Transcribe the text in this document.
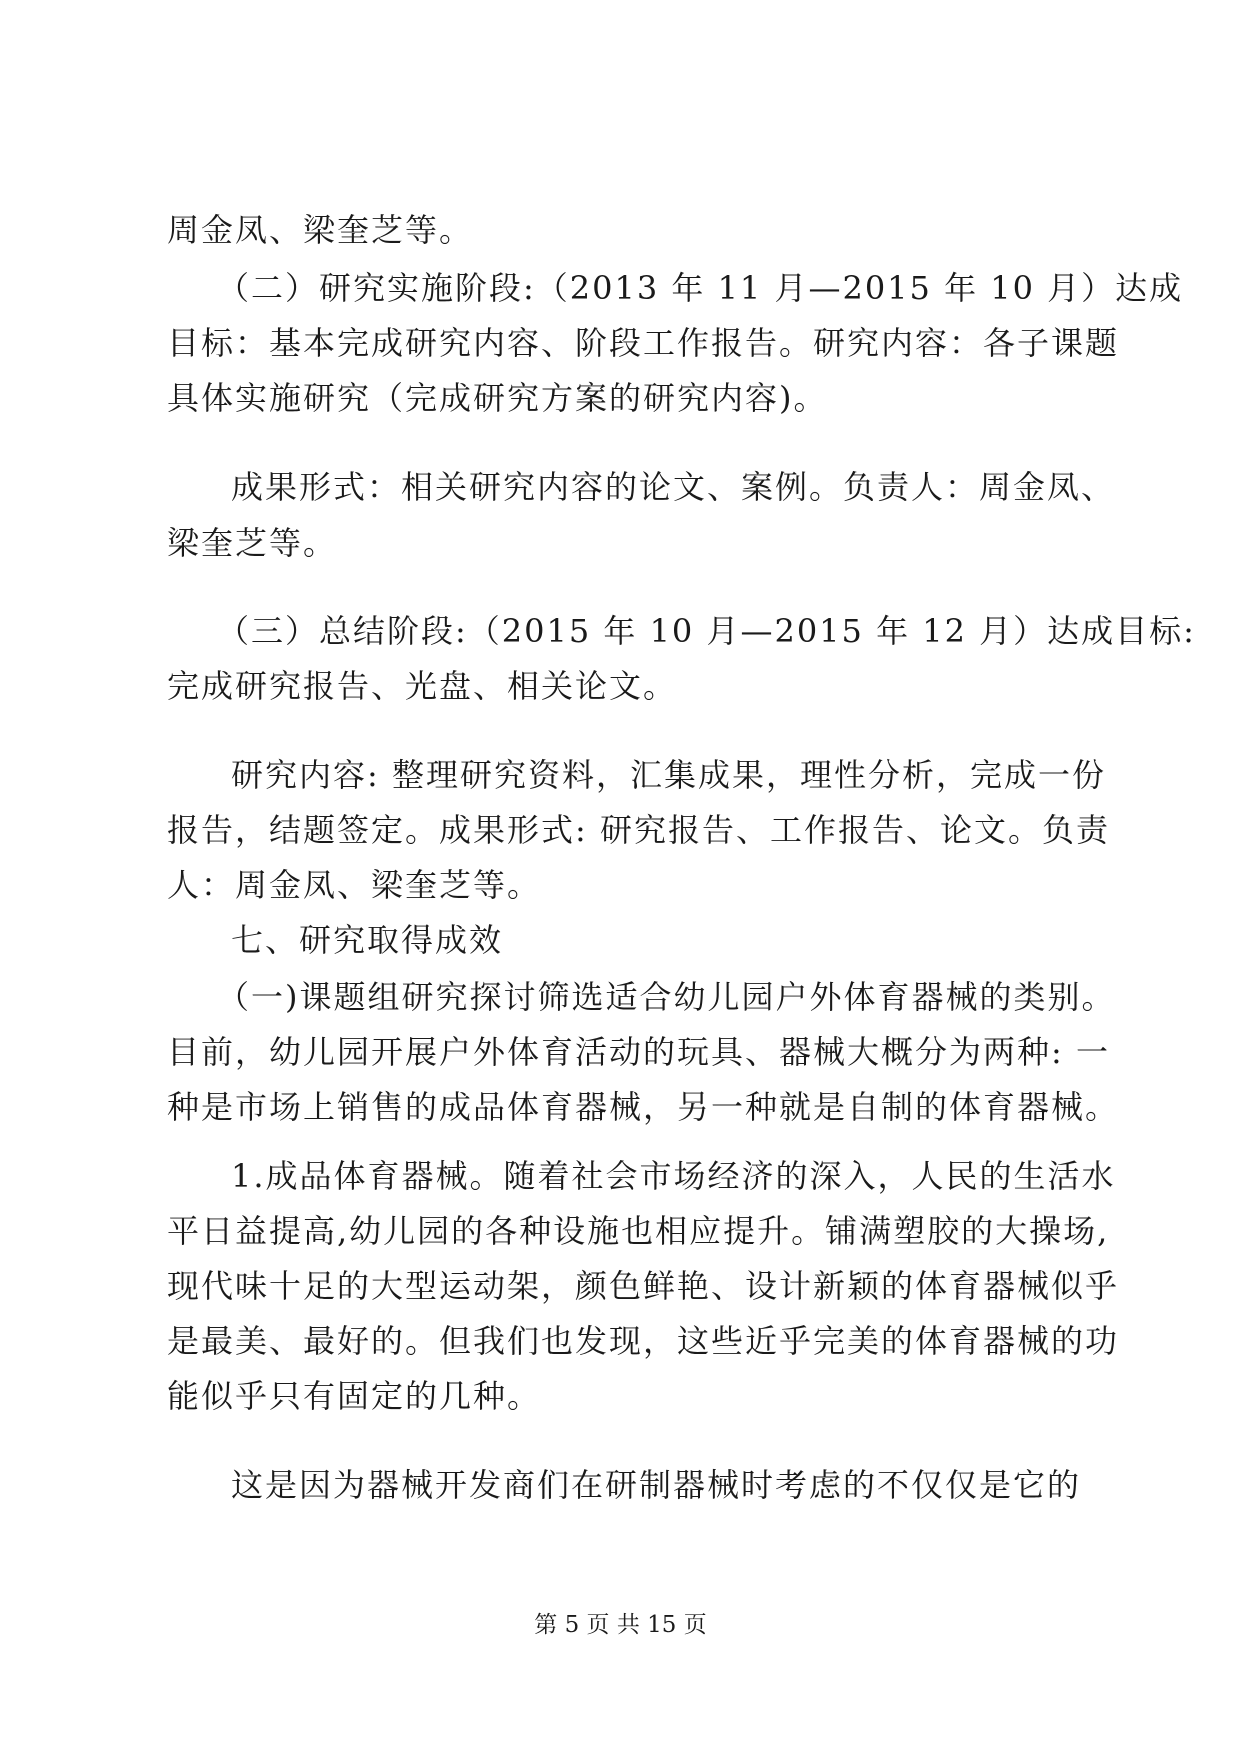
周金凤、梁奎芝等。
（二）研究实施阶段:（2013 年 11 月—2015 年 10 月）达成
目标：基本完成研究内容、阶段工作报告。研究内容：各子课题
具体实施研究（完成研究方案的研究内容)。
成果形式：相关研究内容的论文、案例。负责人：周金凤、
梁奎芝等。
（三）总结阶段:（2015 年 10 月—2015 年 12 月）达成目标:
完成研究报告、光盘、相关论文。
研究内容: 整理研究资料，汇集成果，理性分析，完成一份
报告，结题签定。成果形式: 研究报告、工作报告、论文。负责
人：周金凤、梁奎芝等。
七、研究取得成效
（一)课题组研究探讨筛选适合幼儿园户外体育器械的类别。
目前，幼儿园开展户外体育活动的玩具、器械大概分为两种: 一
种是市场上销售的成品体育器械，另一种就是自制的体育器械。
1.成品体育器械。随着社会市场经济的深入，人民的生活水
平日益提高,幼儿园的各种设施也相应提升。铺满塑胶的大操场,
现代味十足的大型运动架，颜色鲜艳、设计新颖的体育器械似乎
是最美、最好的。但我们也发现，这些近乎完美的体育器械的功
能似乎只有固定的几种。
这是因为器械开发商们在研制器械时考虑的不仅仅是它的
第 5 页 共 15 页
